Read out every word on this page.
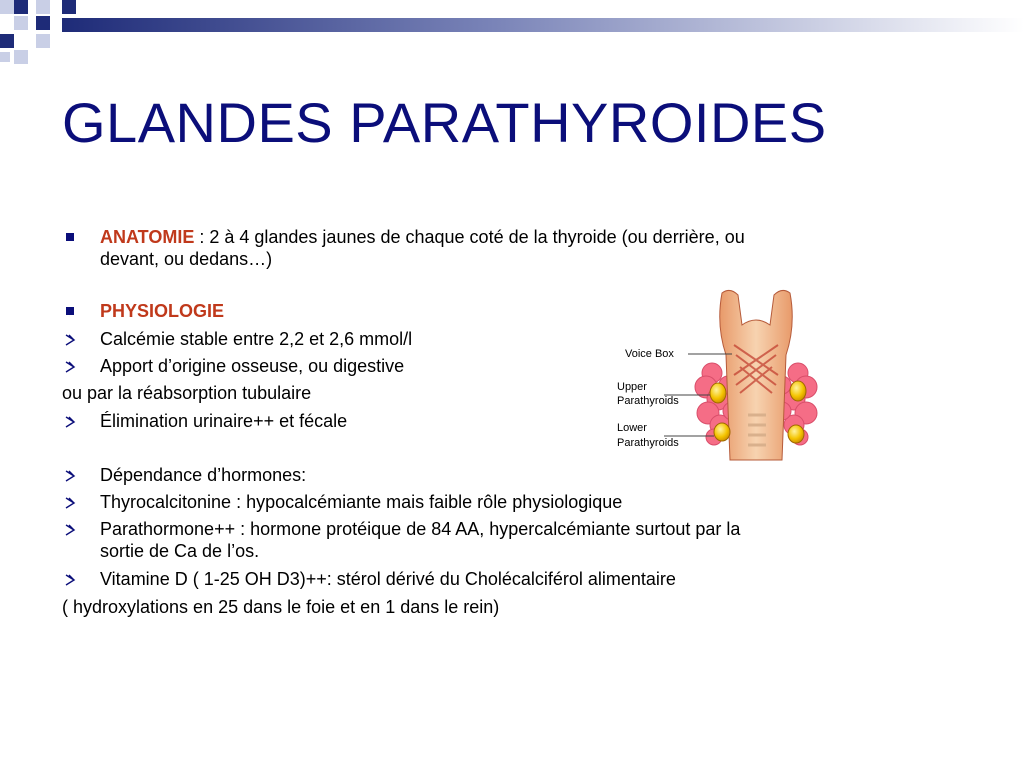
GLANDES PARATHYROIDES
ANATOMIE : 2 à 4 glandes jaunes de chaque coté de la thyroide (ou derrière, ou
devant, ou dedans…)
PHYSIOLOGIE
Calcémie stable entre 2,2 et 2,6 mmol/l
Apport d’origine osseuse, ou digestive
ou par la réabsorption tubulaire
Élimination urinaire++ et fécale
Dépendance d’hormones:
Thyrocalcitonine : hypocalcémiante mais faible rôle physiologique
Parathormone++ : hormone protéique de 84 AA, hypercalcémiante surtout par la
sortie de Ca de l’os.
Vitamine D ( 1-25 OH D3)++: stérol dérivé du Cholécalciférol alimentaire
( hydroxylations en 25 dans le foie et en 1 dans le rein)
Voice Box
Upper
Parathyroids
Lower
Parathyroids
